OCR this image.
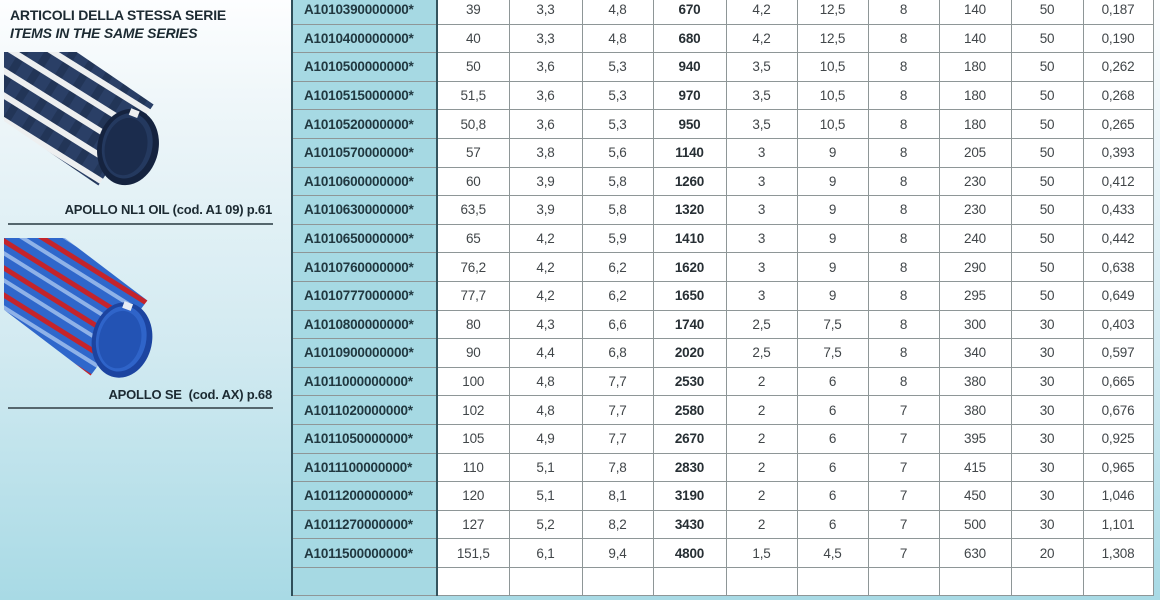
ARTICOLI DELLA STESSA SERIE
ITEMS IN THE SAME SERIES
APOLLO NL1 OIL (cod. A1 09) p.61
APOLLO SE  (cod. AX) p.68
A1010390000000*	39	3,3	4,8	670	4,2	12,5	8	140	50	0,187
A1010400000000*	40	3,3	4,8	680	4,2	12,5	8	140	50	0,190
A1010500000000*	50	3,6	5,3	940	3,5	10,5	8	180	50	0,262
A1010515000000*	51,5	3,6	5,3	970	3,5	10,5	8	180	50	0,268
A1010520000000*	50,8	3,6	5,3	950	3,5	10,5	8	180	50	0,265
A1010570000000*	57	3,8	5,6	1140	3	9	8	205	50	0,393
A1010600000000*	60	3,9	5,8	1260	3	9	8	230	50	0,412
A1010630000000*	63,5	3,9	5,8	1320	3	9	8	230	50	0,433
A1010650000000*	65	4,2	5,9	1410	3	9	8	240	50	0,442
A1010760000000*	76,2	4,2	6,2	1620	3	9	8	290	50	0,638
A1010777000000*	77,7	4,2	6,2	1650	3	9	8	295	50	0,649
A1010800000000*	80	4,3	6,6	1740	2,5	7,5	8	300	30	0,403
A1010900000000*	90	4,4	6,8	2020	2,5	7,5	8	340	30	0,597
A1011000000000*	100	4,8	7,7	2530	2	6	8	380	30	0,665
A1011020000000*	102	4,8	7,7	2580	2	6	7	380	30	0,676
A1011050000000*	105	4,9	7,7	2670	2	6	7	395	30	0,925
A1011100000000*	110	5,1	7,8	2830	2	6	7	415	30	0,965
A1011200000000*	120	5,1	8,1	3190	2	6	7	450	30	1,046
A1011270000000*	127	5,2	8,2	3430	2	6	7	500	30	1,101
A1011500000000*	151,5	6,1	9,4	4800	1,5	4,5	7	630	20	1,308
